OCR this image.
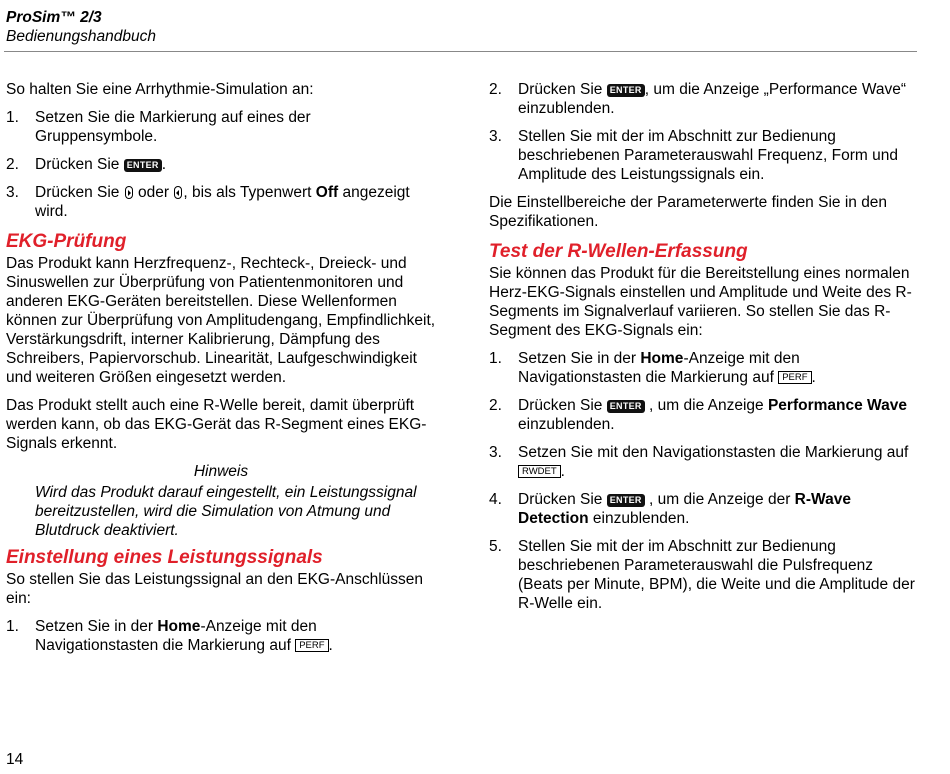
ProSim™ 2/3
Bedienungshandbuch

So halten Sie eine Arrhythmie-Simulation an:

1.	Setzen Sie die Markierung auf eines der Gruppensymbole.
2.	Drücken Sie ENTER .
3.	Drücken Sie  oder , bis als Typenwert Off angezeigt wird.
EKG-Prüfung

Das Produkt kann Herzfrequenz-, Rechteck-, Dreieck- und Sinuswellen zur Überprüfung von Patientenmonitoren und anderen EKG-Geräten bereitstellen. Diese Wellenformen können zur Überprüfung von Amplitudengang, Empfindlichkeit, Verstärkungsdrift, interner Kalibrierung, Dämpfung des Schreibers, Papiervorschub. Linearität, Laufgeschwindigkeit und weiteren Größen eingesetzt werden.

Das Produkt stellt auch eine R-Welle bereit, damit überprüft werden kann, ob das EKG-Gerät das R-Segment eines EKG-Signals erkennt.

Hinweis
Wird das Produkt darauf eingestellt, ein Leistungssignal bereitzustellen, wird die Simulation von Atmung und Blutdruck deaktiviert.
Einstellung eines Leistungssignals

So stellen Sie das Leistungssignal an den EKG-Anschlüssen ein:

1.	Setzen Sie in der Home-Anzeige mit den Navigationstasten die Markierung auf PERF .
2.	Drücken Sie ENTER , um die Anzeige „Performance Wave“ einzublenden.
3.	Stellen Sie mit der im Abschnitt zur Bedienung beschriebenen Parameterauswahl Frequenz, Form und Amplitude des Leistungssignals ein.

Die Einstellbereiche der Parameterwerte finden Sie in den Spezifikationen.

Test der R-Wellen-Erfassung

Sie können das Produkt für die Bereitstellung eines normalen Herz-EKG-Signals einstellen und Amplitude und Weite des R-Segments im Signalverlauf variieren. So stellen Sie das R-Segment des EKG-Signals ein:

1.	Setzen Sie in der Home-Anzeige mit den Navigationstasten die Markierung auf PERF .
2.	Drücken Sie ENTER , um die Anzeige Performance Wave einzublenden.
3.	Setzen Sie mit den Navigationstasten die Markierung auf RWDET .
4.	Drücken Sie ENTER , um die Anzeige der R-Wave Detection einzublenden.
5.	Stellen Sie mit der im Abschnitt zur Bedienung beschriebenen Parameterauswahl die Pulsfrequenz (Beats per Minute, BPM), die Weite und die Amplitude der R-Welle ein.
14
